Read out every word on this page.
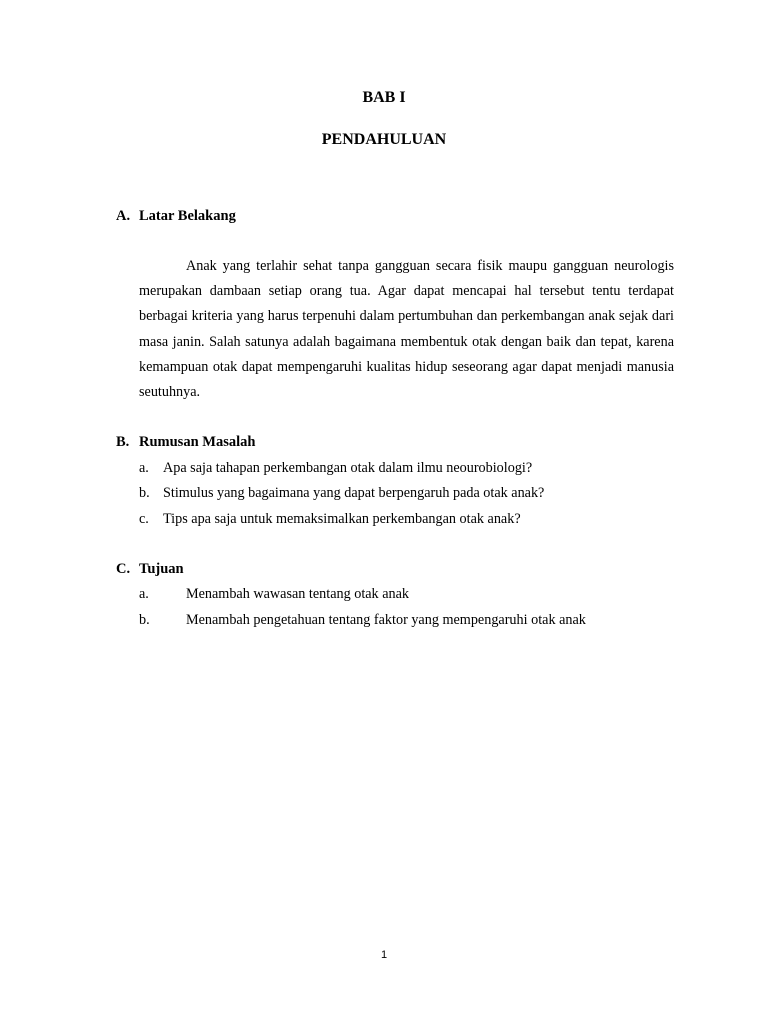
BAB I
PENDAHULUAN
A. Latar Belakang
Anak yang terlahir sehat tanpa gangguan secara fisik maupu gangguan neurologis merupakan dambaan setiap orang tua. Agar dapat mencapai hal tersebut tentu terdapat berbagai kriteria yang harus terpenuhi dalam pertumbuhan dan perkembangan anak sejak dari masa janin. Salah satunya adalah bagaimana membentuk otak dengan baik dan tepat, karena kemampuan otak dapat mempengaruhi kualitas hidup seseorang agar dapat menjadi manusia seutuhnya.
B. Rumusan Masalah
a. Apa saja tahapan perkembangan otak dalam ilmu neourobiologi?
b. Stimulus yang bagaimana yang dapat berpengaruh pada otak anak?
c. Tips apa saja untuk memaksimalkan perkembangan otak anak?
C. Tujuan
a.	Menambah wawasan tentang otak anak
b.	Menambah pengetahuan tentang faktor yang mempengaruhi otak anak
1
